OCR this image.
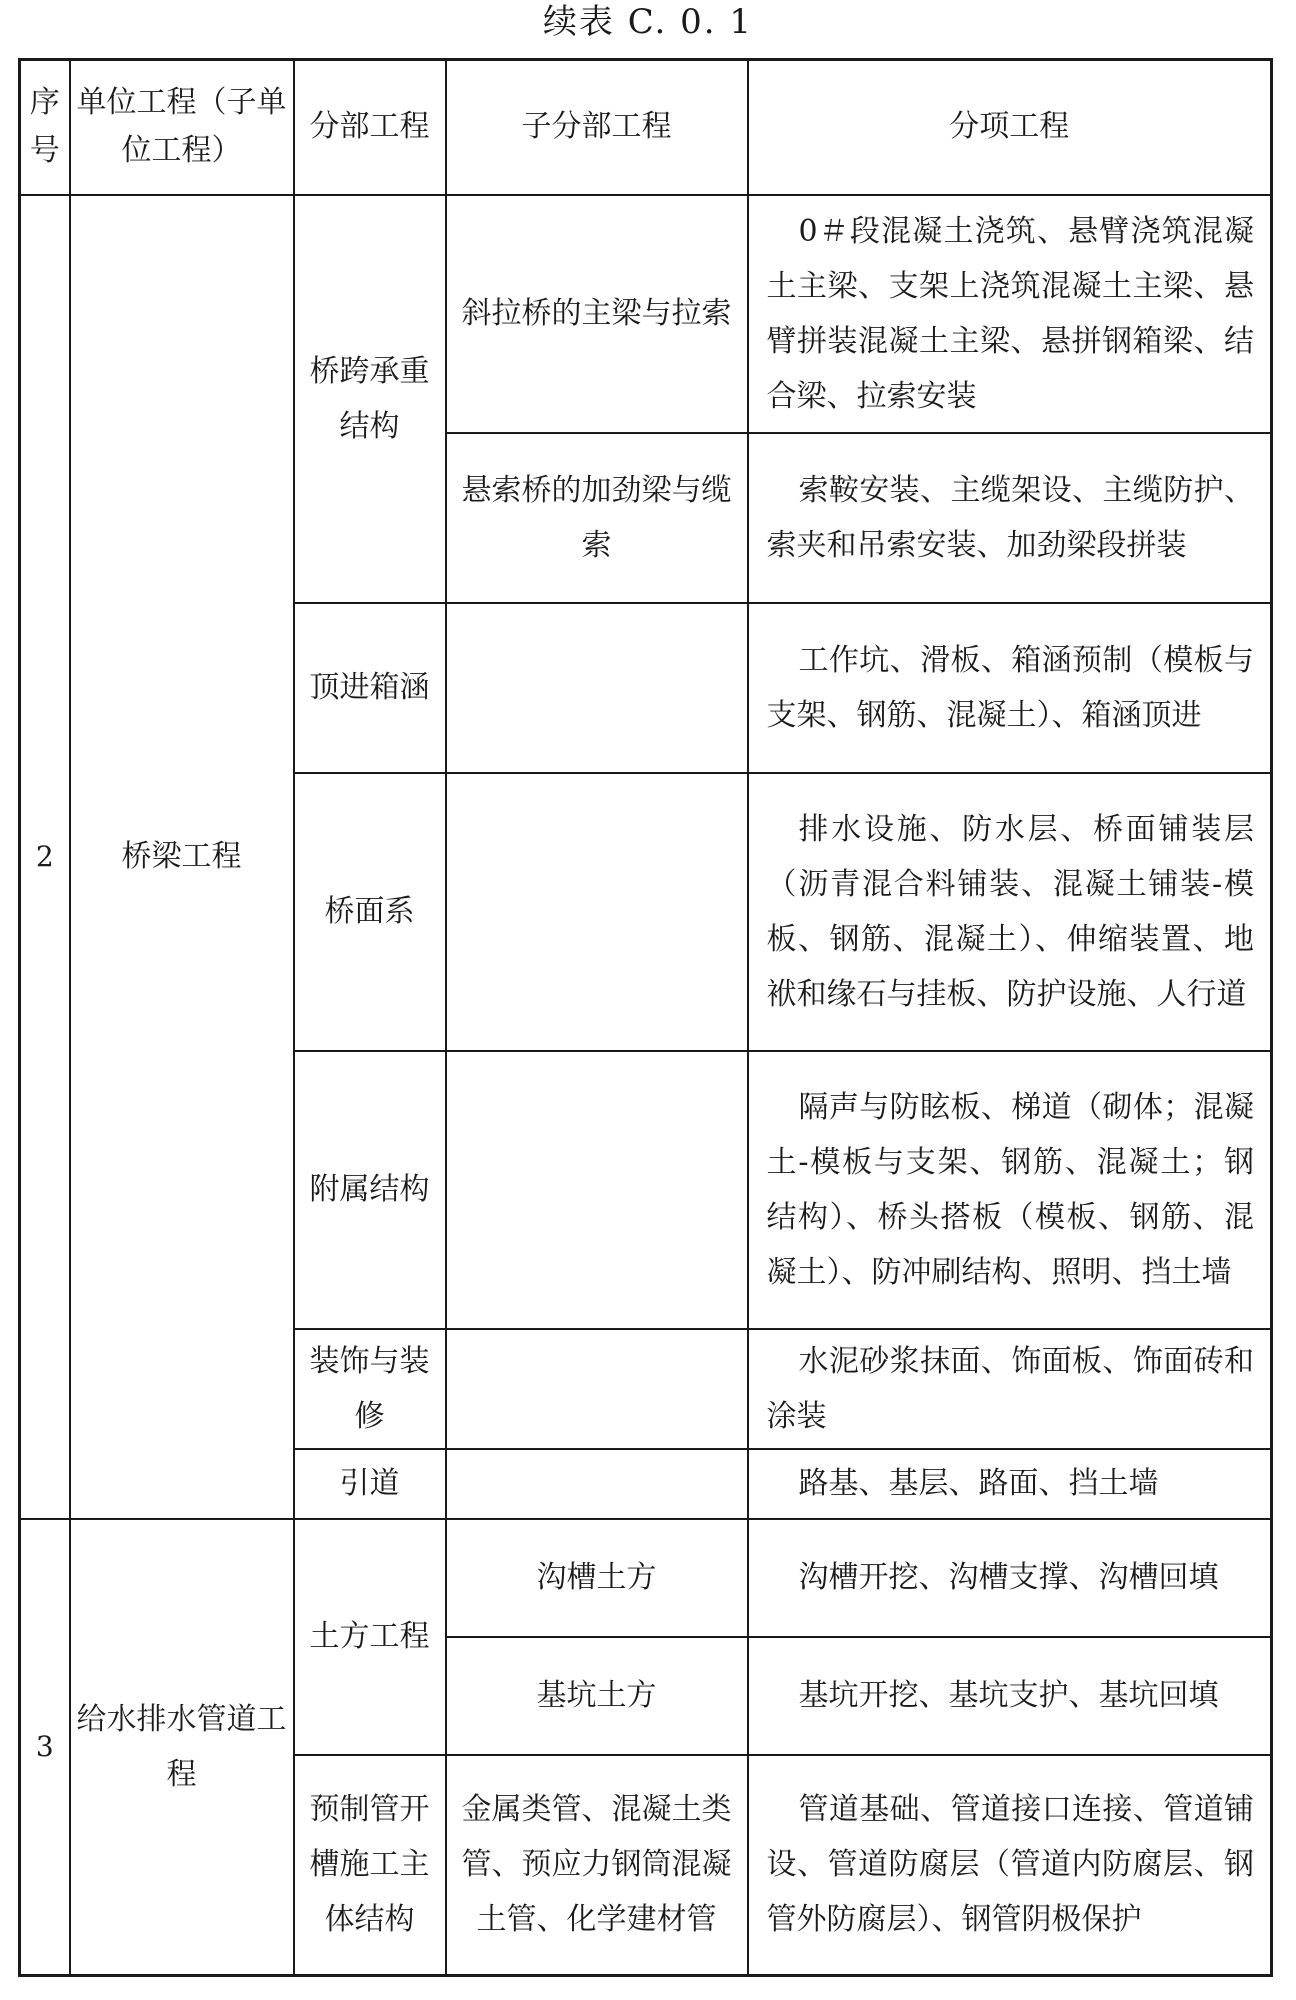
续表 C. 0. 1
序号	单位工程（子单位工程）	分部工程	子分部工程	分项工程
2	桥梁工程	桥跨承重结构	斜拉桥的主梁与拉索	0＃段混凝土浇筑、悬臂浇筑混凝土主梁、支架上浇筑混凝土主梁、悬臂拼装混凝土主梁、悬拼钢箱梁、结合梁、拉索安装
			悬索桥的加劲梁与缆索	索鞍安装、主缆架设、主缆防护、索夹和吊索安装、加劲梁段拼装
		顶进箱涵		工作坑、滑板、箱涵预制（模板与支架、钢筋、混凝土）、箱涵顶进
		桥面系		排水设施、防水层、桥面铺装层（沥青混合料铺装、混凝土铺装-模板、钢筋、混凝土）、伸缩装置、地袱和缘石与挂板、防护设施、人行道
		附属结构		隔声与防眩板、梯道（砌体；混凝土-模板与支架、钢筋、混凝土；钢结构）、桥头搭板（模板、钢筋、混凝土）、防冲刷结构、照明、挡土墙
		装饰与装修		水泥砂浆抹面、饰面板、饰面砖和涂装
		引道		路基、基层、路面、挡土墙

3	给水排水管道工程	土方工程	沟槽土方	沟槽开挖、沟槽支撑、沟槽回填
			基坑土方	基坑开挖、基坑支护、基坑回填
		预制管开槽施工主体结构	金属类管、混凝土类管、预应力钢筒混凝土管、化学建材管	管道基础、管道接口连接、管道铺设、管道防腐层（管道内防腐层、钢管外防腐层）、钢管阴极保护
